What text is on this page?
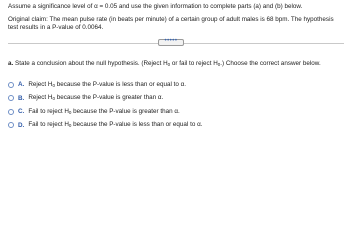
Assume a significance level of α = 0.05 and use the given information to complete parts (a) and (b) below.
Original claim: The mean pulse rate (in beats per minute) of a certain group of adult males is 68 bpm. The hypothesis
test results in a P-value of 0.0064.
•••••
a. State a conclusion about the null hypothesis. (Reject $H_0$ or fail to reject $H_0$.) Choose the correct answer below.
A. Reject $H_0$ because the P-value is less than or equal to α.
B. Reject $H_0$ because the P-value is greater than α.
C. Fail to reject $H_0$ because the P-value is greater than α.
D. Fail to reject $H_0$ because the P-value is less than or equal to α.
